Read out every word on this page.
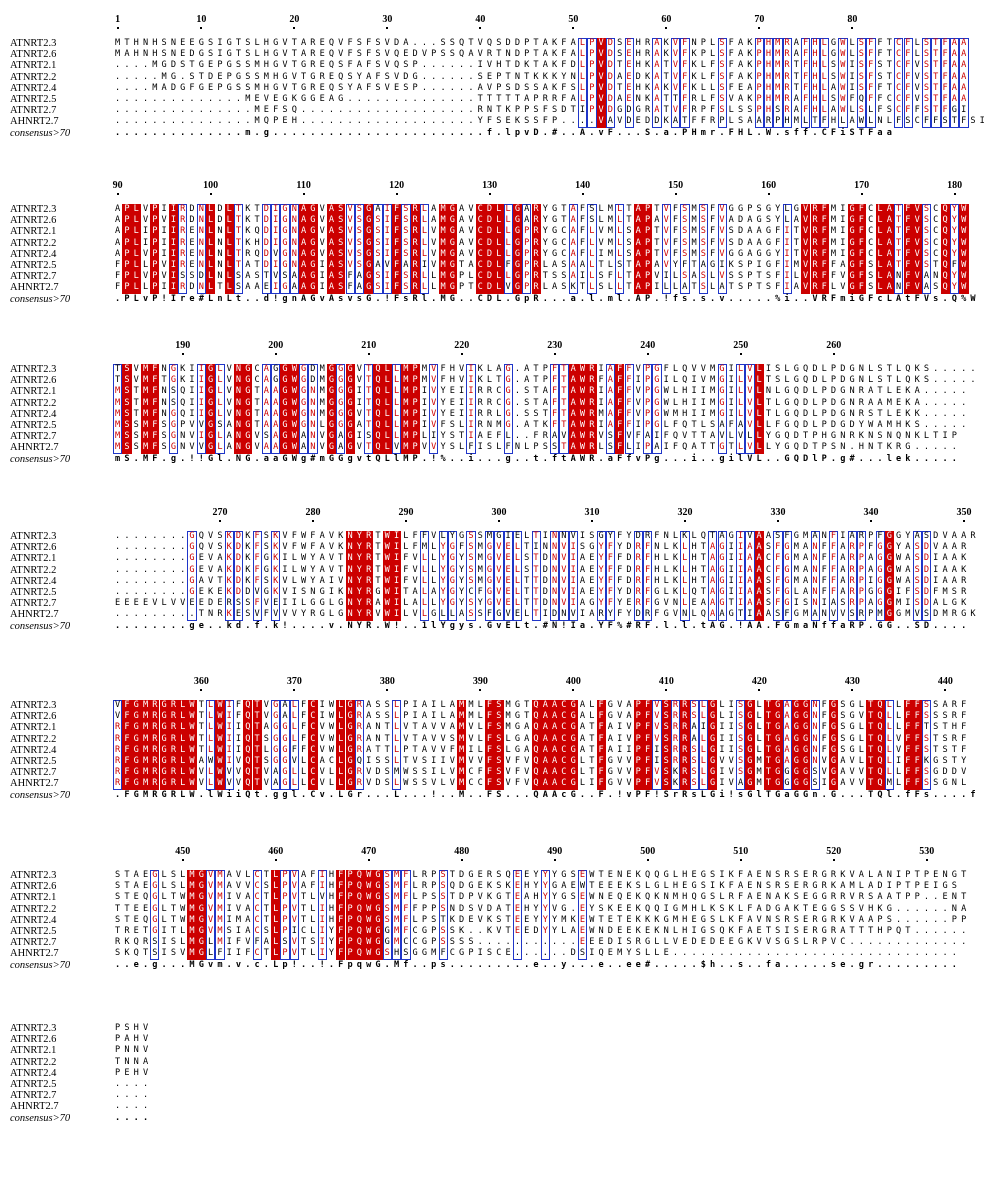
1	10	20	30	40	50	60	70	80
ATNRT2.3	M T H N H S N E E G S I G T S L H G V T A R E Q V F S F S V D A . . . S S Q T V Q S D D P T A K F A L P V D S E H R A K V F N P L S F A K P H M R A F H L G W L S F F T C F L S T F A A
ATNRT2.6	M A H N H S N E D G S I G T S L H G V T A R E Q V F S F S V Q E D V P S S Q A V R T N D P T A K F A L P V D S E H R A K V F K P L S F A K P H M R A F H L G W L S F F T C F L S T F A A
ATNRT2.1	. . . . M G D S T G E P G S S M H G V T G R E Q S F A F S V Q S P . . . . . . I V H T D K T A K F D L P V D T E H K A T V F K L F S F A K P H M R T F H L S W I S F S T C F V S T F A A
ATNRT2.2	. . . . . M G . S T D E P G S S M H G V T G R E Q S Y A F S V D G . . . . . . S E P T N T K K K Y N L P V D A E D K A T V F K L F S F A K P H M R T F H L S W I S F S T C F V S T F A A
ATNRT2.4	. . . . M A D G F G E P G S S M H G V T G R E Q S Y A F S V E S P . . . . . . A V P S D S S A K F S L P V D T E H K A K V F K L L S F E A P H M R T F H L A W I S F F T C F V S T F A A
ATNRT2.5	. . . . . . . . . . . . . . M E V E G K G G E A G . . . . . . . . . . . . . . T T T T T A P R R F A L P V D A E N K A T T F R L F S V A K P H M R A F H L S W F Q F F C C F V S T F A A
ATNRT2.7	. . . . . . . . . . . . . . . M E F S Q . . . . . . . . . . . . . . . . . . . R N T K P P S F S D T I P V D G D G R A T V F R P F S L S S P H S R A F H L A W L S L F S C F F S T F G I
AHNRT2.7	. . . . . . . . . . . . . . . M Q P E H . . . . . . . . . . . . . . . . . . . Y F S E K S S F P . . . . V A V D E D D K A T F F R P L S A A R P H M L T F H L A W L N L F S C F F S T F S I
consensus>70	. . . . . . . . . . . . . . m . g . . . . . . . . . . . . . . . . . . . . . . . f . l p v D . # . . A . v F . . . S . a . P H m r . F H L . W . s f f . C F i S T F a a
90	100	110	120	130	140	150	160	170	180
ATNRT2.3	A P L V P I I R D N L D L T K T D I G N A G V A S V S G A I F S R L A M G A V C D L L G A R Y G T A F S L M L T A P T V F S M S F V G G P S G Y L G V R F M I G F C L A T F V S C Q Y W
ATNRT2.6	A P L V P V I R D N L D L T K T D I G N A G V A S V S G S I F S R L A M G A V C D L L G A R Y G T A F S L M L T A P A V F S M S F V A D A G S Y L A V R F M I G F C L A T F V S C Q Y W
ATNRT2.1	A P L I P I I R E N L N L T K Q D I G N A G V A S V S G S I F S R L V M G A V C D L L G P R Y G C A F L V M L S A P T V F S M S F V S D A A G F I T V R F M I G F C L A T F V S C Q Y W
ATNRT2.2	A P L I P I I R E N L N L T K H D I G N A G V A S V S G S I F S R L V M G A V C D L L G P R Y G C A F L V M L S A P T V F S M S F V S D A A G F I T V R F M I G F C L A T F V S C Q Y W
ATNRT2.4	A P L V P I I R E N L N L T R Q D V G N A G V A S V S G S I F S R L V M G A V C D L L G P R Y G C A F L I M L S A P T V F S M S F V G G A G G Y I T V R F M I G F C L A T F V S C Q Y W
ATNRT2.5	F P L L P V I R E N L N L T A T D I G N A G I A S V S G A V F A R I V M G T A C D L F G P R L A S A A L T L S T A P A V Y F T A G I K S P I G F I M V R F F A G F S L A T F V S T Q F W
ATNRT2.7	F P L V P V I S S D L N L S A S T V S A A G I A S F A G S I F S R L L M G P L C D L L G P R T S S A I L S F L T A P V I L S A S L V S S P T S F I L V R F F V G F S L A N F V A N Q Y W
AHNRT2.7	F P L L P I I R D N L T L S A A E I G A A G I A S F A G S I F S R L L M G P T C D L V G P R L A S K T L S L L T A P I L L A T S L A T S P T S F I A V R F L V G F S L A N F V A S Q Y W
consensus>70	. P L v P ! I r e # L n L t . . d ! g n A G v A s v s G . ! F s R l . M G . . C D L . G p R . . . a . l . m l . A P . ! f s . s . v . . . . . % i . . V R F m i G F c L A t F V s . Q % W
190	200	210	220	230	240	250	260
ATNRT2.3	T S V M F N G K I I G L V N G C A G G W G D M G G G V T Q L L M P M V F H V I K L A G . A T P F T A W R I A F F V P G F L Q V V M G I L V L I S L G Q D L P D G N L S T L Q K S . . . . .
ATNRT2.6	T S V M F T G K I I G L V N G C A G G W G D M G G G V T Q L L M P M V F H V I K L T G . A T P F T A W R F A F F I P G I L Q I V M G I L V L T S L G Q D L P D G N L S T L Q K S . . . . .
ATNRT2.1	M S T M F N S Q I I G L V N G T A A G W G N M G G G I T Q L L M P I V Y E I I R R C G . S T A F T A W R I A F F V P G W L H I I M G I L V L N L G Q D L P D G N R A T L E K A . . . . .
ATNRT2.2	M S T M F N S Q I I G L V N G T A A G W G N M G G G I T Q L L M P I V Y E I I R R C G . S T A F T A W R I A F F V P G W L H I I M G I L V L T L G Q D L P D G N R A A M E K A . . . . .
ATNRT2.4	M S T M F N G Q I I G L V N G T A A G W G N M G G G V T Q L L M P I V Y E I I R R L G . S S T F T A W R M A F F V P G W M H I I M G I L V L T L G Q D L P D G N R S T L E K K . . . . .
ATNRT2.5	M S S M F S G P V V G S A N G T A A G W G N L G G G A T Q L L M P I V F S L I R N M G . A T K F T A W R I A F F I P G L F Q T L S A F A V L L F G Q D L P D G D Y W A M H K S . . . . .
ATNRT2.7	M S S M F S G N V I G L A N G V S A G W A N V G A G I S Q L L M P L I Y S T I A E F L . . F R A V A W R V S F V F A I F Q V T T A V L V L L Y G Q D T P H G N R K N S N Q N K L T I P
AHNRT2.7	M S S M F S G N V V G L A N G V A A G W A N V G A G V T Q L V M P V V Y S L F I S L F N L P S S T A W R L S F L I P A I F Q A T T G T L V L L Y G Q D T P S N . H N T K R G . . . . .
consensus>70	m S . M F . g . ! ! G l . N G . a a G W g # m G G g v t Q L l M P . ! % . . i . . . g . . t . f t A W R . a F f v P g . . . i . . g i l V L . . G Q D l P . g # . . . l e k . . . . .
270	280	290	300	310	320	330	340	350
ATNRT2.3	. . . . . . . . G Q V S K D K F S K V F W F A V K N Y R T W I L F F V L Y G S S M G I E L T I N N V I S G Y F Y D R F N L K L Q T A G I V A A S F G M A N F I A R P F G G Y A S D V A A R
ATNRT2.6	. . . . . . . . G Q V S K D K F S K V F W F A V K N Y R T W I L F M L Y G F S M G V E L T I N N V I S G Y F Y D R F N L K L H T A G I I A A S F G M A N F F A R P F G G Y A S D V A A R
ATNRT2.1	. . . . . . . . G E V A K D K F G K I L W Y A V T N Y R T W I F V L L Y G Y S M G V E L S T D N V I A E Y F F D R F H L K L H T A G I I A A C F G M A N F F A R P A G G W A S D I A A K
ATNRT2.2	. . . . . . . . G E V A K D K F G K I L W Y A V T N Y R T W I F V L L Y G Y S M G V E L S T D N V I A E Y F F D R F H L K L H T A G I I A A C F G M A N F F A R P A G G W A S D I A A K
ATNRT2.4	. . . . . . . . G A V T K D K F S K V L W Y A I V N Y R T W I F V L L Y G Y S M G V E L T T D N V I A E Y F F D R F H L K L H T A G I I A A S F G M A N F F A R P I G G W A S D I A A R
ATNRT2.5	. . . . . . . . G E K E K D D V G K V I S N G I K N Y R G W I T A L A Y G Y C F G V E L T T D N V I A E Y F Y D R F G L K L Q T A G I I A A S F G L A N F F A R P G G G I F S D F M S R
ATNRT2.7	E E E E V L V V E E D E R S S F V E I I L G G L G N Y R A W I L A L L Y G Y S Y G V E L T T D N V I A G Y F Y E R F G V N L E A A G T I A A S F G I S N I A S R P A G G M I S D A L G K
AHNRT2.7	. . . . . . . . . T N R K E S V F V V V Y R G L G N Y R V W I L V L G L L A S S F G V E L T I D N V I A R Y F Y D R F G V N L Q A A G T I A A S F G M A N V V S R P M G G M V S D M R G K
consensus>70	. . . . . . . . g e . . k d . f . k ! . . . . v . N Y R . W ! . . 1 l Y g y s . G v E L t . # N ! I a . Y F % # R F . l . l . t A G . ! A A . F G m a N f f a R P . G G . . S D . . . .
360	370	380	390	400	410	420	430	440
ATNRT2.3	V F G M R G R L W T L W I F Q T V G A L F C I W L G R A S S L P I A I L A M M L F S M G T Q A A C G A L F G V A P F V S R R S L G L I S G L T G A G G N F G S G L T Q L L F F S S A R F
ATNRT2.6	V F G M R G R L W T L W I F Q T V G A L F C I W L G R A S S L P I A I L A M M L F S M G T Q A A C G A L F G V A P F V S R R S L G L I S G L T G A G G N F G S G V T Q L L F F S S S R F
ATNRT2.1	R F G M R G R L W T L W I I Q T A G G L F C V W L G R A N T L V T A V V A M V L F S M G A Q A A C G A T F A I V P F V S R R A I G I I S G L T G A G G N F G S G L T Q L L F F T S T H F
ATNRT2.2	R F G M R G R L W T L W I I Q T S G G L F C V W L G R A N T L V T A V V S M V L F S L G A Q A A C G A T F A I V P F V S R R A L G I I S G L T G A G G N F G S G L T Q L V F F S T S R F
ATNRT2.4	R F G M R G R L W T L W I I Q T L G G F F C V W L G R A T T L P T A V V F M I L F S L G A Q A A C G A T F A I I P F I S R R S L G I I S G L T G A G G N F G S G L T Q L V F F S T S T F
ATNRT2.5	R F G M R G R L W A W W I V Q T S G G V L C A C L G Q I S S L T V S I I V M V V F S V F V Q A A C G L T F G V V P F I S R R S L G V V S G M T G A G G N V G A V L T Q L I F F K G S T Y
ATNRT2.7	R F G M R G R L W V L W V V Q T V A G L L C V L L G R V D S M W S S I L V M C F F S V F V Q A A C G L T F G V V P F V S K R S L G I V S G M T G G G G S V G A V V T Q L L F F S G D D V
AHNRT2.7	R F G M R G R L W V L W V V Q T V A G L L C V L L G R V D S L W S S V L V M C C F S V F V Q A A C G L I F G V V P F V S K R S L G I V A G M T G G G G S I G A V V T Q M L F F S S G N L
consensus>70	. F G M R G R L W . l W i i Q t . g g l . C v . L G r . . . L . . . ! . . M . . F S . . . Q A A c G . . F . ! v P F ! S r R s L G i ! s G l T G a G G n . G . . . T Q l . f F s . . . . f
450	460	470	480	490	500	510	520	530
ATNRT2.3	S T A E G L S L M G V M A V L C T L P V A F I H F P Q W G S M F L R P S T D G E R S Q E E Y Y Y G S E W T E N E K Q Q G L H E G S I K F A E N S R S E R G R K V A L A N I P T P E N G T
ATNRT2.6	S T A E G L S L M G V M A V V C S L P V A F I H F P Q W G S M F L R P S Q D G E K S K E H Y Y G A E W T E E E K S L G L H E G S I K F A E N S R S E R G R K A M L A D I P T P E I G S
ATNRT2.1	S T E Q G L T W M G V M I V A C T L P V T L V H F P Q W G S M F L P S S T D P V K G T E A H Y Y G S E W N E Q E K Q K N M H Q G S L R F A E N A K S E G G R R V R S A A T P P . . E N T
ATNRT2.2	T T E E G L T W M G V M I V A C T L P V T L I H F P Q W G S M F F P P S N D S V D A T E H Y Y V G . E Y S K E E K Q Q I G M H L K S K L F A D G A K T E G G S S V H K G . . . . . . N A
ATNRT2.4	S T E Q G L T W M G V M I M A C T L P V T L I H F P Q W G S M F L P S T K D E V K S T E E Y Y Y M K E W T E T E K K K G M H E G S L K F A V N S R S E R G R K V A A P S . . . . . . P P
ATNRT2.5	T R E T G I T L M G V M S I A C S L P I C L I Y F P Q W G G M F C G P S S K . . K V T E E D Y Y L A E W N D E E K E K N L H I G S Q K F A E T S I S E R G R A T T T H P Q T . . . . . .
ATNRT2.7	R K Q R S I S L M G L M I F V F A L S V T S I Y F P Q W G G M C C G P S S S S . . . . . . . . . . . E E E D I S R G L L V E D E D E E G K V V S G S L R P V C . . . . . . . . . . . . .
AHNRT2.7	S K Q T S I S V M G L F I I F C T L P V T L I Y F P Q W G S H S G G M F C G P I S C E . . . . . . D S I Q E M Y S L L E . . . . . . . . . . . . . . . . . . . . . . . . . . . . . . .
consensus>70	. . e . g . . . M G v m . v . c . L p ! . . ! . F p q w G . M f . . p s . . . . . . . . . e . . y . . . e . . e e # . . . . . $ h . . s . . f a . . . . . s e . g r . . . . . . . . .
ATNRT2.3	P S H V
ATNRT2.6	P A H V
ATNRT2.1	P N N V
ATNRT2.2	T N N A
ATNRT2.4	P E H V
ATNRT2.5	. . . .
ATNRT2.7	. . . .
AHNRT2.7	. . . .
consensus>70	. . . .
